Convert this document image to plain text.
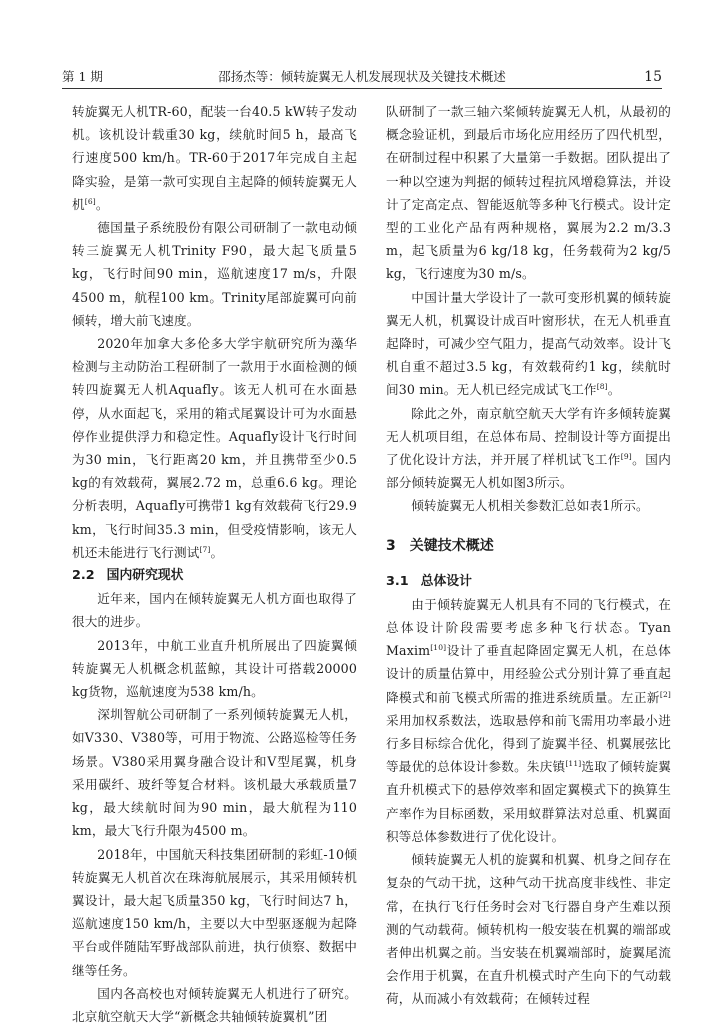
第 1 期	邵扬杰等：倾转旋翼无人机发展现状及关键技术概述	15

转旋翼无人机TR-60，配装一台40.5 kW转子发动机。该机设计载重30 kg，续航时间5 h，最高飞行速度500 km/h。TR-60于2017年完成自主起降实验，是第一款可实现自主起降的倾转旋翼无人机[6]。

德国量子系统股份有限公司研制了一款电动倾转三旋翼无人机Trinity F90，最大起飞质量5 kg，飞行时间90 min，巡航速度17 m/s，升限4500 m，航程100 km。Trinity尾部旋翼可向前倾转，增大前飞速度。

2020年加拿大多伦多大学宇航研究所为藻华检测与主动防治工程研制了一款用于水面检测的倾转四旋翼无人机Aquafly。该无人机可在水面悬停，从水面起飞，采用的箱式尾翼设计可为水面悬停作业提供浮力和稳定性。Aquafly设计飞行时间为30 min，飞行距离20 km，并且携带至少0.5 kg的有效载荷，翼展2.72 m，总重6.6 kg。理论分析表明，Aquafly可携带1 kg有效载荷飞行29.9 km，飞行时间35.3 min，但受疫情影响，该无人机还未能进行飞行测试[7]。

2.2 国内研究现状

近年来，国内在倾转旋翼无人机方面也取得了很大的进步。

2013年，中航工业直升机所展出了四旋翼倾转旋翼无人机概念机蓝鲸，其设计可搭载20000 kg货物，巡航速度为538 km/h。

深圳智航公司研制了一系列倾转旋翼无人机，如V330、V380等，可用于物流、公路巡检等任务场景。V380采用翼身融合设计和V型尾翼，机身采用碳纤、玻纤等复合材料。该机最大承载质量7 kg，最大续航时间为90 min，最大航程为110 km，最大飞行升限为4500 m。

2018年，中国航天科技集团研制的彩虹-10倾转旋翼无人机首次在珠海航展展示，其采用倾转机翼设计，最大起飞质量350 kg，飞行时间达7 h，巡航速度150 km/h，主要以大中型驱逐舰为起降平台或伴随陆军野战部队前进，执行侦察、数据中继等任务。

国内各高校也对倾转旋翼无人机进行了研究。北京航空航天大学“新概念共轴倾转旋翼机”团

队研制了一款三轴六桨倾转旋翼无人机，从最初的概念验证机，到最后市场化应用经历了四代机型，在研制过程中积累了大量第一手数据。团队提出了一种以空速为判据的倾转过程抗风增稳算法，并设计了定高定点、智能返航等多种飞行模式。设计定型的工业化产品有两种规格，翼展为2.2 m/3.3 m，起飞质量为6 kg/18 kg，任务载荷为2 kg/5 kg，飞行速度为30 m/s。

中国计量大学设计了一款可变形机翼的倾转旋翼无人机，机翼设计成百叶窗形状，在无人机垂直起降时，可减少空气阻力，提高气动效率。设计飞机自重不超过3.5 kg，有效载荷约1 kg，续航时间30 min。无人机已经完成试飞工作[8]。

除此之外，南京航空航天大学有许多倾转旋翼无人机项目组，在总体布局、控制设计等方面提出了优化设计方法，并开展了样机试飞工作[9]。国内部分倾转旋翼无人机如图3所示。

倾转旋翼无人机相关参数汇总如表1所示。

3 关键技术概述
3.1 总体设计

由于倾转旋翼无人机具有不同的飞行模式，在总体设计阶段需要考虑多种飞行状态。Tyan Maxim[10]设计了垂直起降固定翼无人机，在总体设计的质量估算中，用经验公式分别计算了垂直起降模式和前飞模式所需的推进系统质量。左正新[2]采用加权系数法，选取悬停和前飞需用功率最小进行多目标综合优化，得到了旋翼半径、机翼展弦比等最优的总体设计参数。朱庆镇[11]选取了倾转旋翼直升机模式下的悬停效率和固定翼模式下的换算生产率作为目标函数，采用蚁群算法对总重、机翼面积等总体参数进行了优化设计。

倾转旋翼无人机的旋翼和机翼、机身之间存在复杂的气动干扰，这种气动干扰高度非线性、非定常，在执行飞行任务时会对飞行器自身产生难以预测的气动载荷。倾转机构一般安装在机翼的端部或者伸出机翼之前。当安装在机翼端部时，旋翼尾流会作用于机翼，在直升机模式时产生向下的气动载荷，从而减小有效载荷；在倾转过程
